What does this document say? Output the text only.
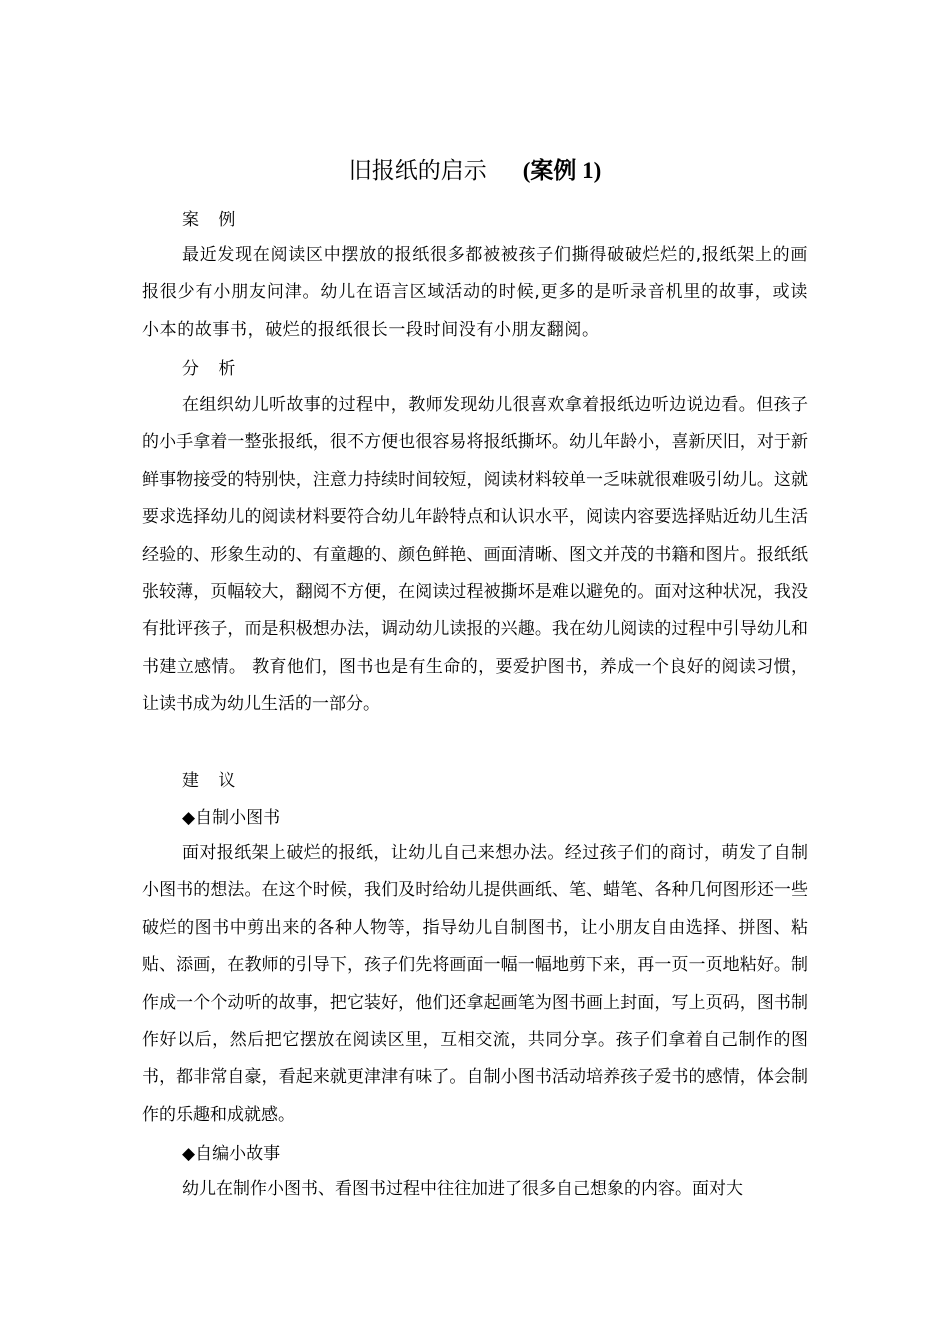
旧报纸的启示 (案例 1)
案 例

最近发现在阅读区中摆放的报纸很多都被被孩子们撕得破破烂烂的,报纸架上的画报很少有小朋友问津。幼儿在语言区域活动的时候,更多的是听录音机里的故事，或读小本的故事书，破烂的报纸很长一段时间没有小朋友翻阅。

分 析

在组织幼儿听故事的过程中，教师发现幼儿很喜欢拿着报纸边听边说边看。但孩子的小手拿着一整张报纸，很不方便也很容易将报纸撕坏。幼儿年龄小，喜新厌旧，对于新鲜事物接受的特别快，注意力持续时间较短，阅读材料较单一乏味就很难吸引幼儿。这就要求选择幼儿的阅读材料要符合幼儿年龄特点和认识水平，阅读内容要选择贴近幼儿生活经验的、形象生动的、有童趣的、颜色鲜艳、画面清晰、图文并茂的书籍和图片。报纸纸张较薄，页幅较大，翻阅不方便，在阅读过程被撕坏是难以避免的。面对这种状况，我没有批评孩子，而是积极想办法，调动幼儿读报的兴趣。我在幼儿阅读的过程中引导幼儿和书建立感情。 教育他们，图书也是有生命的，要爱护图书，养成一个良好的阅读习惯，让读书成为幼儿生活的一部分。

建 议
◆自制小图书

面对报纸架上破烂的报纸，让幼儿自己来想办法。经过孩子们的商讨，萌发了自制小图书的想法。在这个时候，我们及时给幼儿提供画纸、笔、蜡笔、各种几何图形还一些破烂的图书中剪出来的各种人物等，指导幼儿自制图书，让小朋友自由选择、拼图、粘贴、添画，在教师的引导下，孩子们先将画面一幅一幅地剪下来，再一页一页地粘好。制作成一个个动听的故事，把它装好，他们还拿起画笔为图书画上封面，写上页码，图书制作好以后，然后把它摆放在阅读区里，互相交流，共同分享。孩子们拿着自己制作的图书，都非常自豪，看起来就更津津有味了。自制小图书活动培养孩子爱书的感情，体会制作的乐趣和成就感。

◆自编小故事

幼儿在制作小图书、看图书过程中往往加进了很多自己想象的内容。面对大
